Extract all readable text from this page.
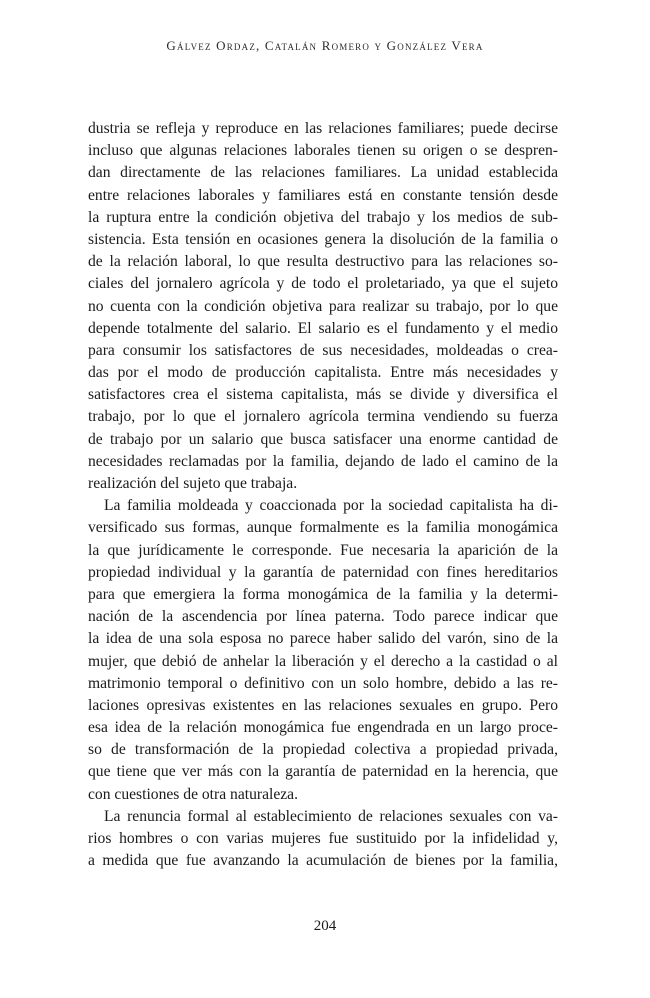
Gálvez Ordaz, Catalán Romero y González Vera
dustria se refleja y reproduce en las relaciones familiares; puede decirse
incluso que algunas relaciones laborales tienen su origen o se despren-
dan directamente de las relaciones familiares. La unidad establecida
entre relaciones laborales y familiares está en constante tensión desde
la ruptura entre la condición objetiva del trabajo y los medios de sub-
sistencia. Esta tensión en ocasiones genera la disolución de la familia o
de la relación laboral, lo que resulta destructivo para las relaciones so-
ciales del jornalero agrícola y de todo el proletariado, ya que el sujeto
no cuenta con la condición objetiva para realizar su trabajo, por lo que
depende totalmente del salario. El salario es el fundamento y el medio
para consumir los satisfactores de sus necesidades, moldeadas o crea-
das por el modo de producción capitalista. Entre más necesidades y
satisfactores crea el sistema capitalista, más se divide y diversifica el
trabajo, por lo que el jornalero agrícola termina vendiendo su fuerza
de trabajo por un salario que busca satisfacer una enorme cantidad de
necesidades reclamadas por la familia, dejando de lado el camino de la
realización del sujeto que trabaja.
La familia moldeada y coaccionada por la sociedad capitalista ha di-
versificado sus formas, aunque formalmente es la familia monogámica
la que jurídicamente le corresponde. Fue necesaria la aparición de la
propiedad individual y la garantía de paternidad con fines hereditarios
para que emergiera la forma monogámica de la familia y la determi-
nación de la ascendencia por línea paterna. Todo parece indicar que
la idea de una sola esposa no parece haber salido del varón, sino de la
mujer, que debió de anhelar la liberación y el derecho a la castidad o al
matrimonio temporal o definitivo con un solo hombre, debido a las re-
laciones opresivas existentes en las relaciones sexuales en grupo. Pero
esa idea de la relación monogámica fue engendrada en un largo proce-
so de transformación de la propiedad colectiva a propiedad privada,
que tiene que ver más con la garantía de paternidad en la herencia, que
con cuestiones de otra naturaleza.
La renuncia formal al establecimiento de relaciones sexuales con va-
rios hombres o con varias mujeres fue sustituido por la infidelidad y,
a medida que fue avanzando la acumulación de bienes por la familia,
204
